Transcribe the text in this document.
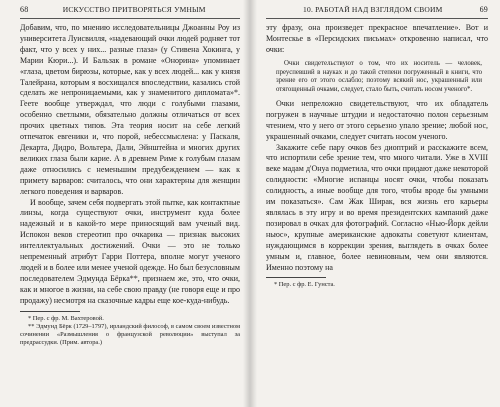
68	ИСКУССТВО ПРИТВОРЯТЬСЯ УМНЫМ

Добавим, что, по мнению исследовательницы Джоанны Роу из университета Луисвилля, «надевающий очки людей родняет тот факт, что у всех у них... разные глаза» (у Стивена Хокинга, у Марии Кюри...). И Бальзак в романе «Онорина» упоминает «глаза, цветом бирюзы, которые, как у всех людей... как у князя Талейрана, которым я восхищался впоследствии, казались стой сделать же непроницаемыми, как у знаменитого дипломата»*. Геете вообще утверждал, что люди с голубыми глазами, особенно светлыми, обязательно должны отличаться от всех прочих цветных типов. Эта теория носит на себе легкий отпечаток евгеники и, что порой, небессмыслена: у Паскаля, Декарта, Дидро, Вольтера, Дали, Эйнштейна и многих других великих глаза были карие. А в древнем Риме к голубым глазам даже относились с неменьшим предубеждением — как к примету варваров: считалось, что они характерны для женщин легкого поведения и варваров.

И вообще, зачем себя подвергать этой пытке, как контактные линзы, когда существуют очки, инструмент куда более надежный и в какой-то мере приносящий вам ученый вид. Испокон веков стереотип про очкарика — признак высоких интеллектуальных достижений. Очки — это не только непременный атрибут Гарри Поттера, вполне могут ученого людей и в более или менее ученой одежде. Но был безусловным последователем Эдмунда Бёрка**, признаем же, это, что очки, как и многое в жизни, на себе свою правду (не говоря еще и про продажу) несмотря на сказочные кадры еще кое-куда-нибудь.

* Пер. с фр. М. Вахтеровой.

** Эдмунд Бёрк (1729–1797), ирландский философ, в самом своем известном сочинении «Размышления о французской революции» выступал за предрассудки. (Прим. автора.)

10. РАБОТАЙ НАД ВЗГЛЯДОМ СВОИМ	69

эту фразу, она произведет прекрасное впечатление». Вот и Монтескье в «Персидских письмах» откровенно написал, что очки:

Очки свидетельствуют о том, что их носитель — человек, преуспевший в науках и до такой степени погруженный в книги, что зрение его от этого ослабло; поэтому всякий нос, украшенный или отягощенный очками, следует, стало быть, считать носом ученого*.

Очки непреложно свидетельствуют, что их обладатель погружен в научные штудии и недостаточно полон серьезным чтением, что у него от этого серьезно упало зрение; любой нос, украшенный очками, следует считать носом ученого.

Закажите себе пару очков без диоптрий и расскажите всем, что испортили себе зрение тем, что много читали. Уже в XVIII веке мадам д'Онуа подметила, что очки придают даже некоторой солидности: «Многие испанцы носят очки, чтобы показать солидность, а иные вообще для того, чтобы вроде бы умными им показаться». Сам Жак Ширак, вся жизнь его карьеры являлась в эту игру и во время президентских кампаний даже позировал в очках для фотографий. Согласно «Нью-Йорк дейли ньюс», крупные американские адвокаты советуют клиентам, нуждающимся в коррекции зрения, выглядеть в очках более умным и, главное, более невиновным, чем они являются. Именно поэтому на

* Пер. с фр. Е. Гунста.
